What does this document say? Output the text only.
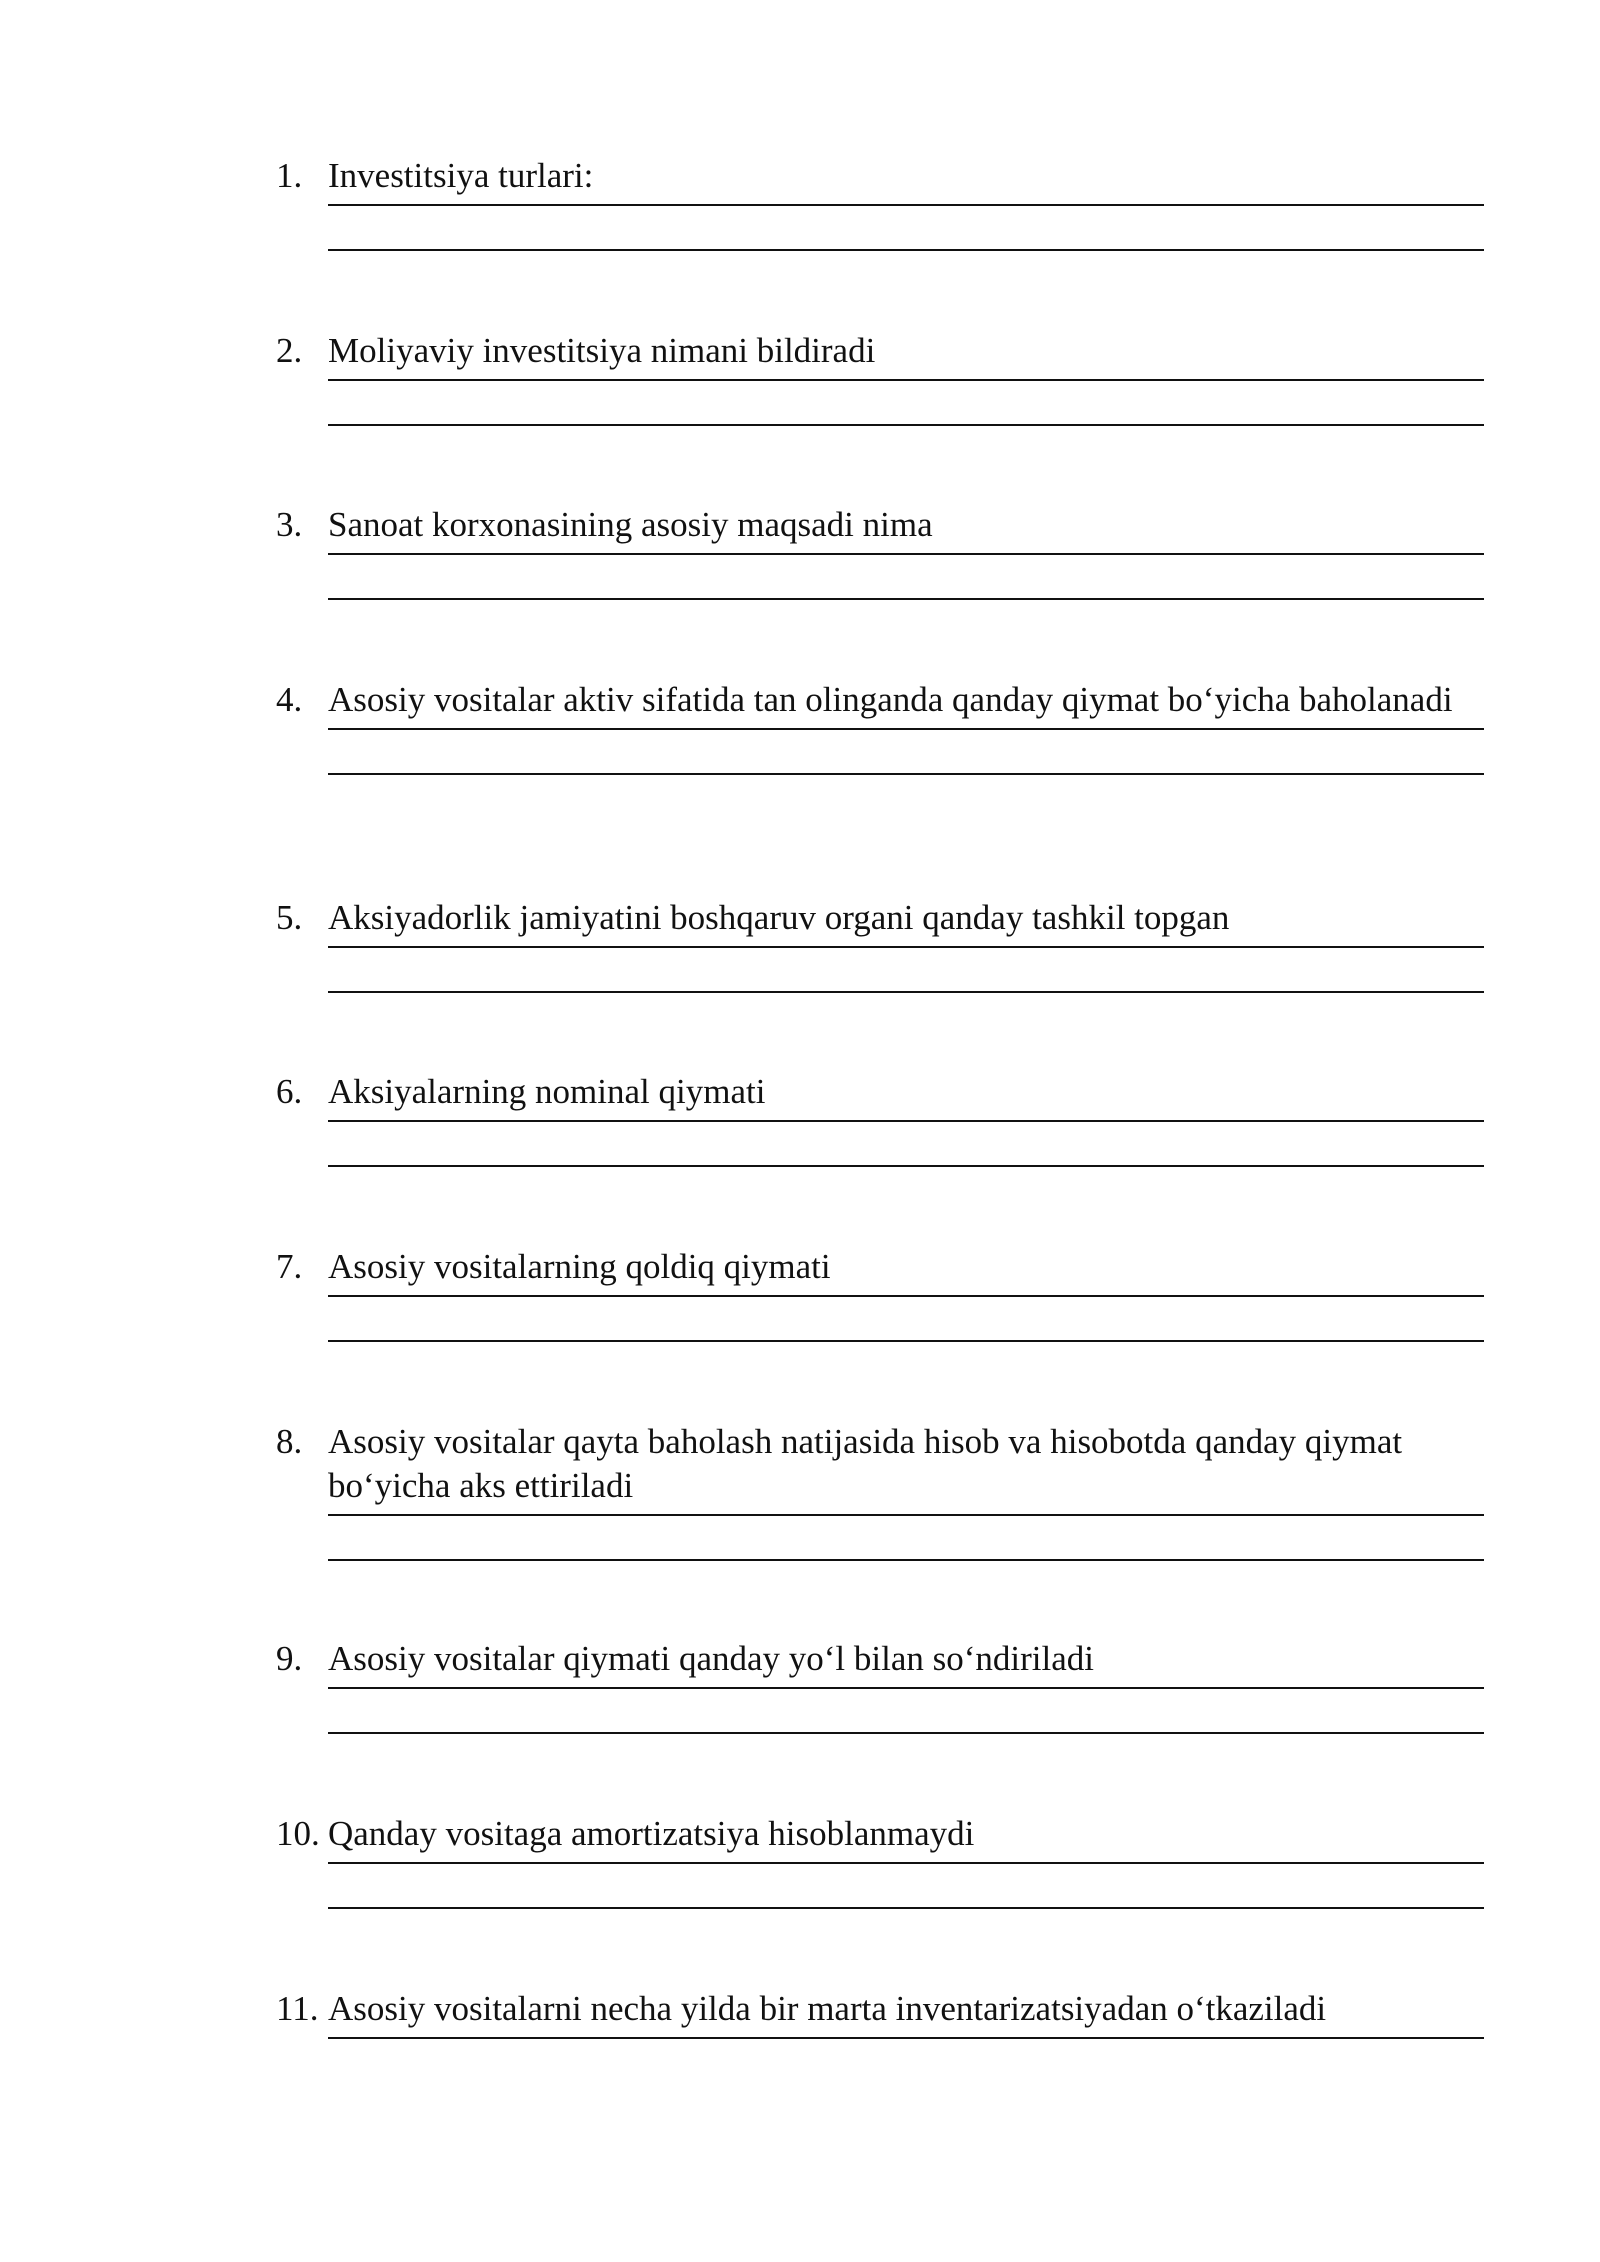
1. Investitsiya turlari:
2. Moliyaviy investitsiya nimani bildiradi
3. Sanoat korxonasining asosiy maqsadi nima
4. Asosiy vositalar aktiv sifatida tan olinganda qanday qiymat bo‘yicha baholanadi
5. Aksiyadorlik jamiyatini boshqaruv organi qanday tashkil topgan
6. Aksiyalarning nominal qiymati
7. Asosiy vositalarning qoldiq qiymati
8. Asosiy vositalar qayta baholash natijasida hisob va hisobotda qanday qiymat bo‘yicha aks ettiriladi
9. Asosiy vositalar qiymati qanday yo‘l bilan so‘ndiriladi
10. Qanday vositaga amortizatsiya hisoblanmaydi
11. Asosiy vositalarni necha yilda bir marta inventarizatsiyadan o‘tkaziladi
